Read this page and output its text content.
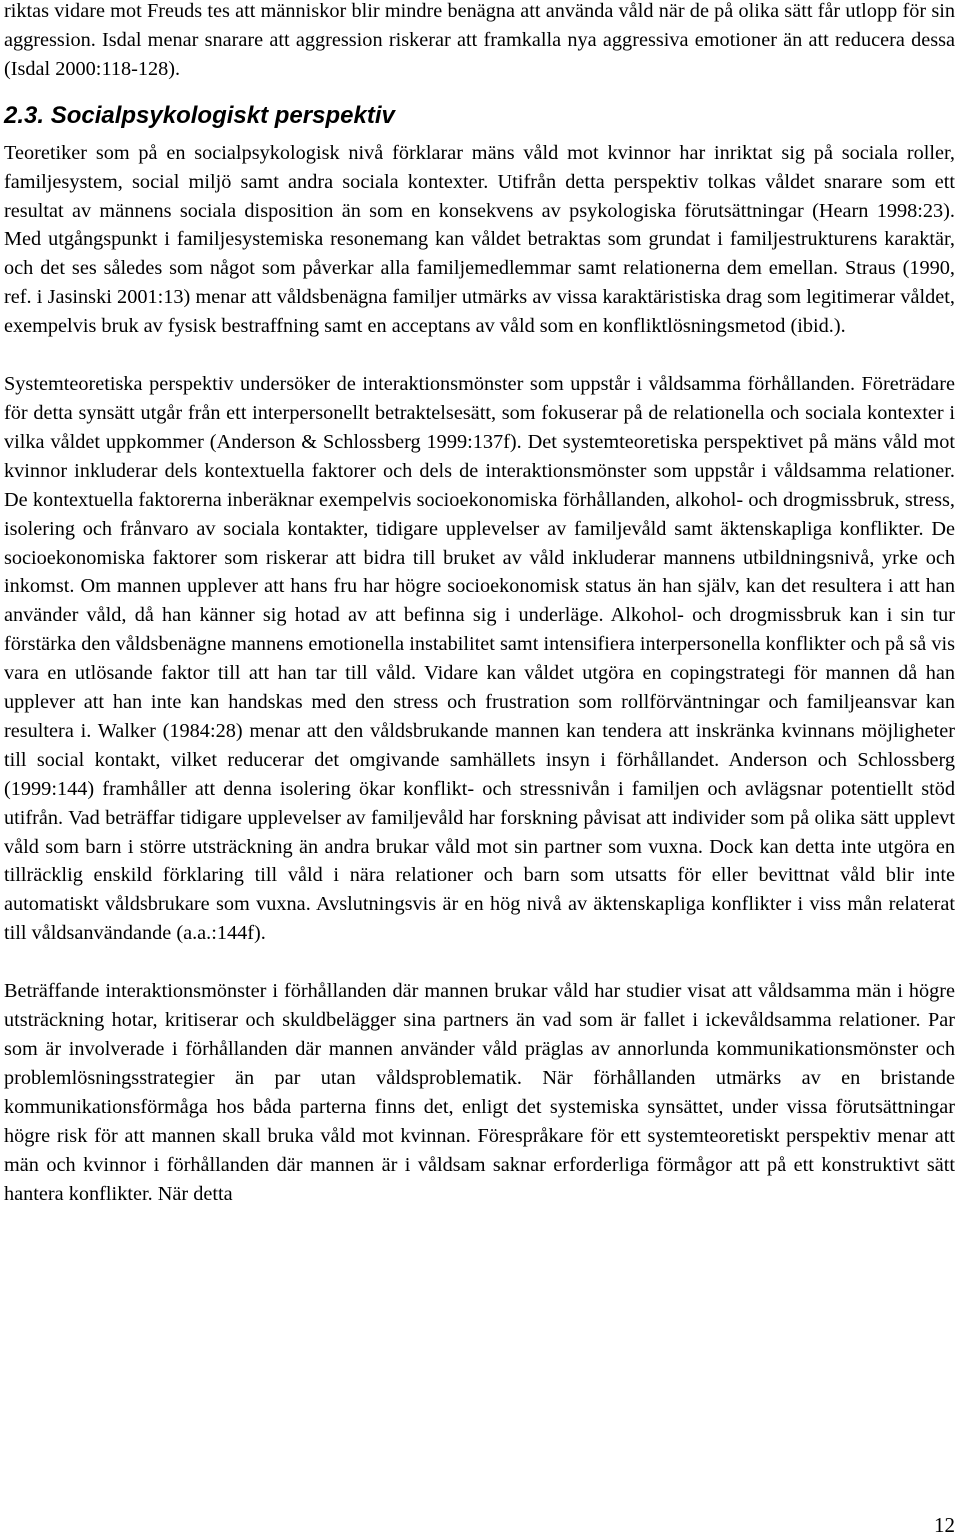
riktas vidare mot Freuds tes att människor blir mindre benägna att använda våld när de på olika sätt får utlopp för sin aggression. Isdal menar snarare att aggression riskerar att framkalla nya aggressiva emotioner än att reducera dessa (Isdal 2000:118-128).

2.3. Socialpsykologiskt perspektiv

Teoretiker som på en socialpsykologisk nivå förklarar mäns våld mot kvinnor har inriktat sig på sociala roller, familjesystem, social miljö samt andra sociala kontexter. Utifrån detta perspektiv tolkas våldet snarare som ett resultat av männens sociala disposition än som en konsekvens av psykologiska förutsättningar (Hearn 1998:23). Med utgångspunkt i familjesystemiska resonemang kan våldet betraktas som grundat i familjestrukturens karaktär, och det ses således som något som påverkar alla familjemedlemmar samt relationerna dem emellan. Straus (1990, ref. i Jasinski 2001:13) menar att våldsbenägna familjer utmärks av vissa karaktäristiska drag som legitimerar våldet, exempelvis bruk av fysisk bestraffning samt en acceptans av våld som en konfliktlösningsmetod (ibid.).

Systemteoretiska perspektiv undersöker de interaktionsmönster som uppstår i våldsamma förhållanden. Företrädare för detta synsätt utgår från ett interpersonellt betraktelsesätt, som fokuserar på de relationella och sociala kontexter i vilka våldet uppkommer (Anderson & Schlossberg 1999:137f). Det systemteoretiska perspektivet på mäns våld mot kvinnor inkluderar dels kontextuella faktorer och dels de interaktionsmönster som uppstår i våldsamma relationer. De kontextuella faktorerna inberäknar exempelvis socioekonomiska förhållanden, alkohol- och drogmissbruk, stress, isolering och frånvaro av sociala kontakter, tidigare upplevelser av familjevåld samt äktenskapliga konflikter. De socioekonomiska faktorer som riskerar att bidra till bruket av våld inkluderar mannens utbildningsnivå, yrke och inkomst. Om mannen upplever att hans fru har högre socioekonomisk status än han själv, kan det resultera i att han använder våld, då han känner sig hotad av att befinna sig i underläge. Alkohol- och drogmissbruk kan i sin tur förstärka den våldsbenägne mannens emotionella instabilitet samt intensifiera interpersonella konflikter och på så vis vara en utlösande faktor till att han tar till våld. Vidare kan våldet utgöra en copingstrategi för mannen då han upplever att han inte kan handskas med den stress och frustration som rollförväntningar och familjeansvar kan resultera i. Walker (1984:28) menar att den våldsbrukande mannen kan tendera att inskränka kvinnans möjligheter till social kontakt, vilket reducerar det omgivande samhällets insyn i förhållandet. Anderson och Schlossberg (1999:144) framhåller att denna isolering ökar konflikt- och stressnivån i familjen och avlägsnar potentiellt stöd utifrån. Vad beträffar tidigare upplevelser av familjevåld har forskning påvisat att individer som på olika sätt upplevt våld som barn i större utsträckning än andra brukar våld mot sin partner som vuxna. Dock kan detta inte utgöra en tillräcklig enskild förklaring till våld i nära relationer och barn som utsatts för eller bevittnat våld blir inte automatiskt våldsbrukare som vuxna. Avslutningsvis är en hög nivå av äktenskapliga konflikter i viss mån relaterat till våldsanvändande (a.a.:144f).

Beträffande interaktionsmönster i förhållanden där mannen brukar våld har studier visat att våldsamma män i högre utsträckning hotar, kritiserar och skuldbelägger sina partners än vad som är fallet i ickevåldsamma relationer. Par som är involverade i förhållanden där mannen använder våld präglas av annorlunda kommunikationsmönster och problemlösningsstrategier än par utan våldsproblematik. När förhållanden utmärks av en bristande kommunikationsförmåga hos båda parterna finns det, enligt det systemiska synsättet, under vissa förutsättningar högre risk för att mannen skall bruka våld mot kvinnan. Förespråkare för ett systemteoretiskt perspektiv menar att män och kvinnor i förhållanden där mannen är i våldsam saknar erforderliga förmågor att på ett konstruktivt sätt hantera konflikter. När detta

12
